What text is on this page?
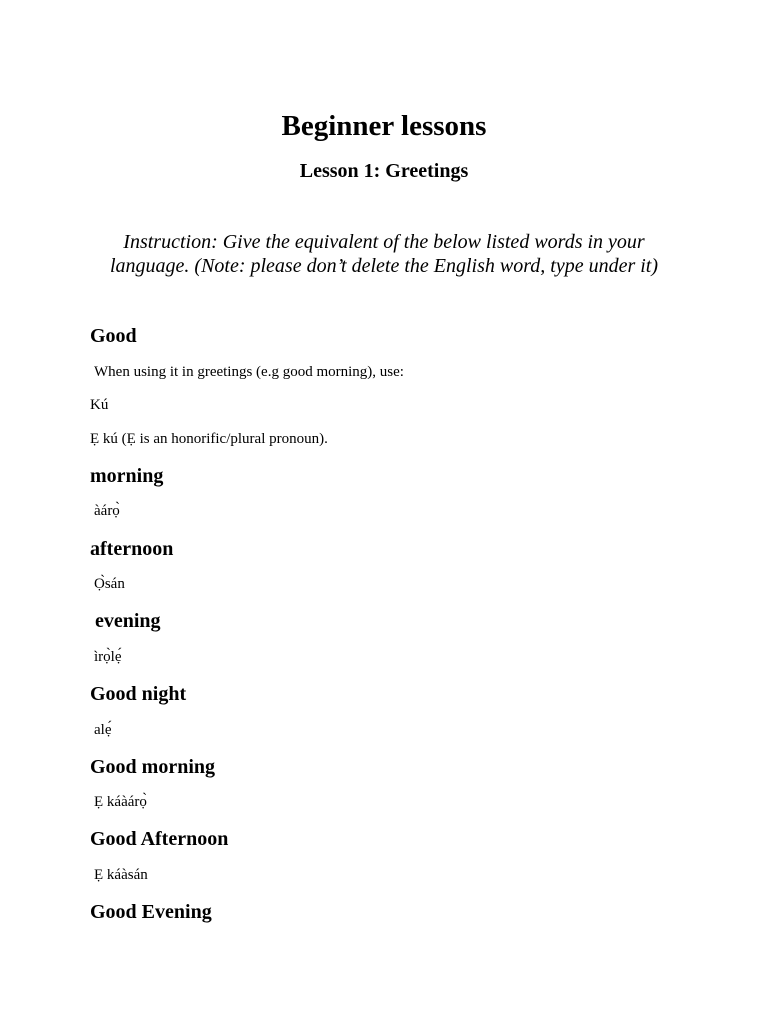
Beginner lessons
Lesson 1: Greetings

Instruction: Give the equivalent of the below listed words in your language. (Note: please don’t delete the English word, type under it)

Good

When using it in greetings (e.g good morning), use:

Kú

Ẹ kú (Ẹ is an honorific/plural pronoun).

morning

àárọ̀

afternoon

Ọ̀sán

evening

ìrọ̀lẹ́

Good night

alẹ́

Good morning

Ẹ káàárọ̀

Good Afternoon

Ẹ káàsán

Good Evening
